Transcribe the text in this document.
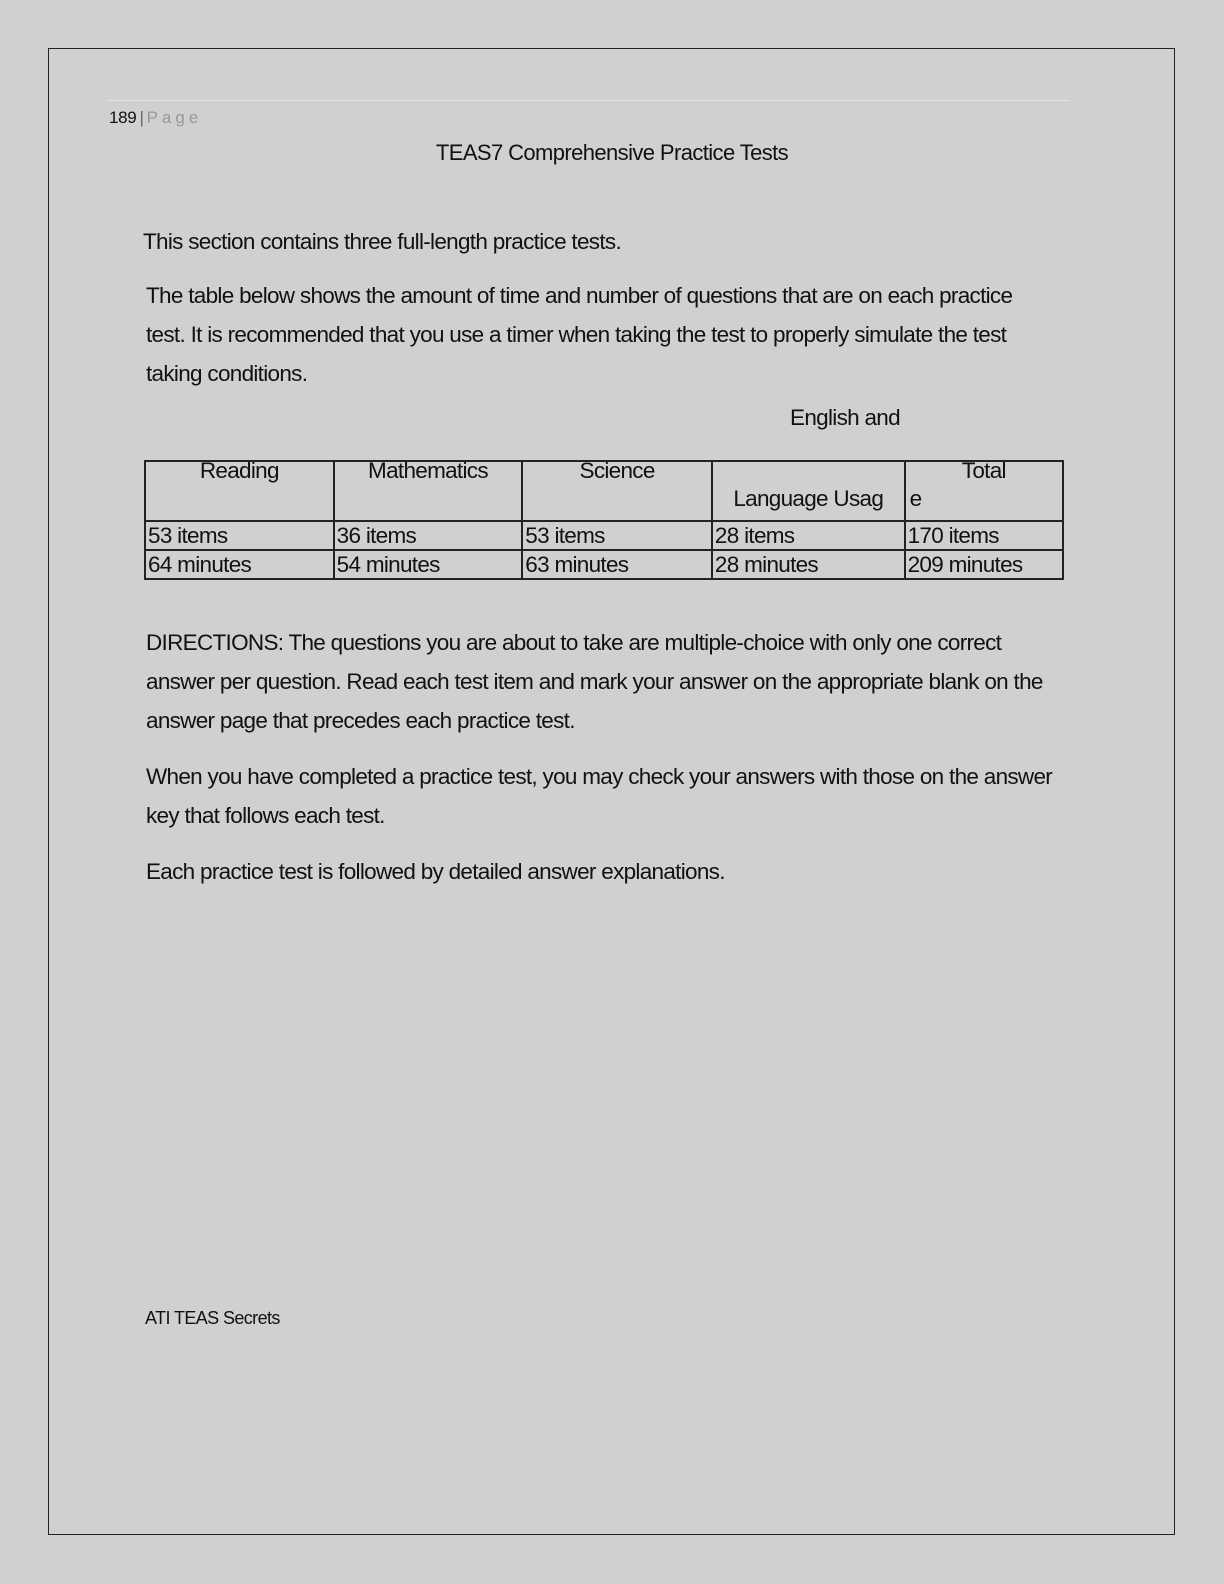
189 | Page
TEAS7 Comprehensive Practice Tests

This section contains three full-length practice tests.

The table below shows the amount of time and number of questions that are on each practice test. It is recommended that you use a timer when taking the test to properly simulate the test taking conditions.

English and
Reading	Mathematics	Science	Language Usag	Total
e

53 items	36 items	53 items	28 items	170 items
64 minutes	54 minutes	63 minutes	28 minutes	209 minutes

DIRECTIONS: The questions you are about to take are multiple-choice with only one correct answer per question. Read each test item and mark your answer on the appropriate blank on the answer page that precedes each practice test.

When you have completed a practice test, you may check your answers with those on the answer key that follows each test.

Each practice test is followed by detailed answer explanations.

ATI TEAS Secrets
